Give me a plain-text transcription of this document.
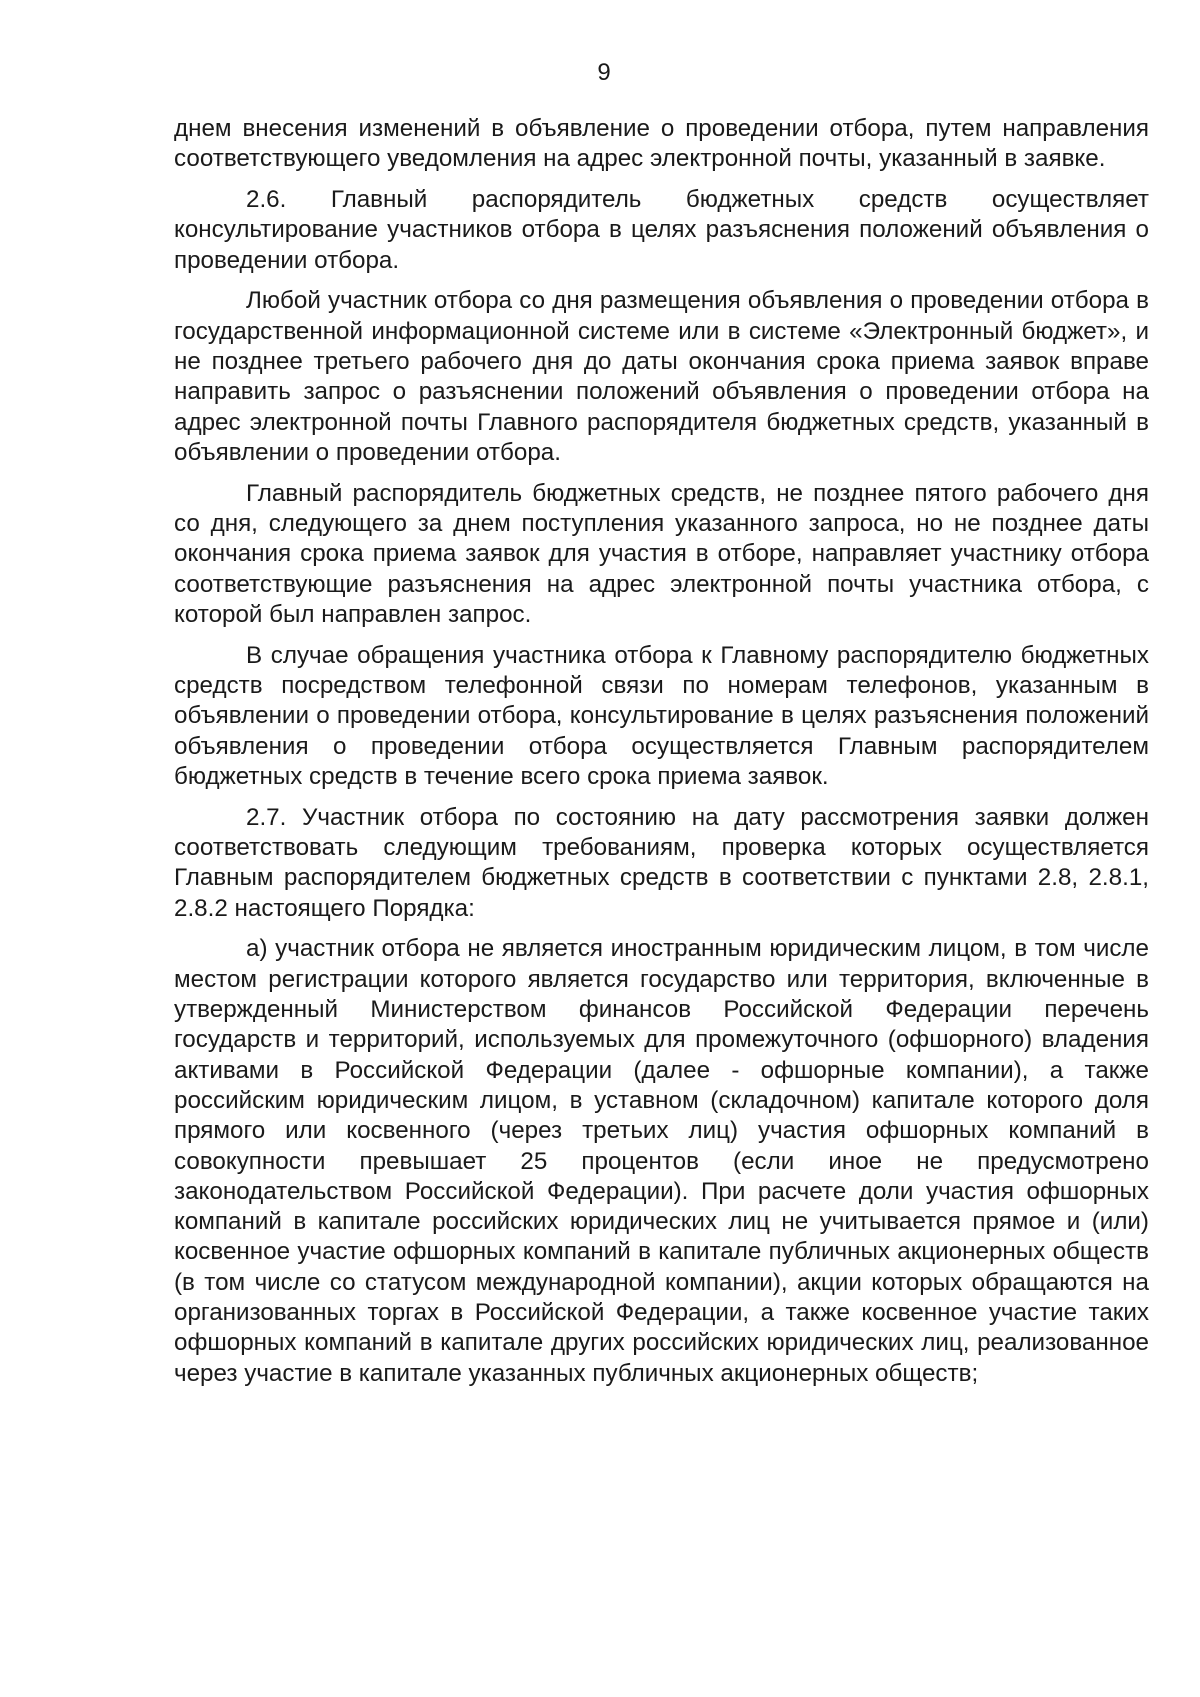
9

днем внесения изменений в объявление о проведении отбора, путем направления соответствующего уведомления на адрес электронной почты, указанный в заявке.

2.6. Главный распорядитель бюджетных средств осуществляет консультирование участников отбора в целях разъяснения положений объявления о проведении отбора.

Любой участник отбора со дня размещения объявления о проведении отбора в государственной информационной системе или в системе «Электронный бюджет», и не позднее третьего рабочего дня до даты окончания срока приема заявок вправе направить запрос о разъяснении положений объявления о проведении отбора на адрес электронной почты Главного распорядителя бюджетных средств, указанный в объявлении о проведении отбора.

Главный распорядитель бюджетных средств, не позднее пятого рабочего дня со дня, следующего за днем поступления указанного запроса, но не позднее даты окончания срока приема заявок для участия в отборе, направляет участнику отбора соответствующие разъяснения на адрес электронной почты участника отбора, с которой был направлен запрос.

В случае обращения участника отбора к Главному распорядителю бюджетных средств посредством телефонной связи по номерам телефонов, указанным в объявлении о проведении отбора, консультирование в целях разъяснения положений объявления о проведении отбора осуществляется Главным распорядителем бюджетных средств в течение всего срока приема заявок.

2.7. Участник отбора по состоянию на дату рассмотрения заявки должен соответствовать следующим требованиям, проверка которых осуществляется Главным распорядителем бюджетных средств в соответствии с пунктами 2.8, 2.8.1, 2.8.2 настоящего Порядка:

а) участник отбора не является иностранным юридическим лицом, в том числе местом регистрации которого является государство или территория, включенные в утвержденный Министерством финансов Российской Федерации перечень государств и территорий, используемых для промежуточного (офшорного) владения активами в Российской Федерации (далее - офшорные компании), а также российским юридическим лицом, в уставном (складочном) капитале которого доля прямого или косвенного (через третьих лиц) участия офшорных компаний в совокупности превышает 25 процентов (если иное не предусмотрено законодательством Российской Федерации). При расчете доли участия офшорных компаний в капитале российских юридических лиц не учитывается прямое и (или) косвенное участие офшорных компаний в капитале публичных акционерных обществ (в том числе со статусом международной компании), акции которых обращаются на организованных торгах в Российской Федерации, а также косвенное участие таких офшорных компаний в капитале других российских юридических лиц, реализованное через участие в капитале указанных публичных акционерных обществ;
